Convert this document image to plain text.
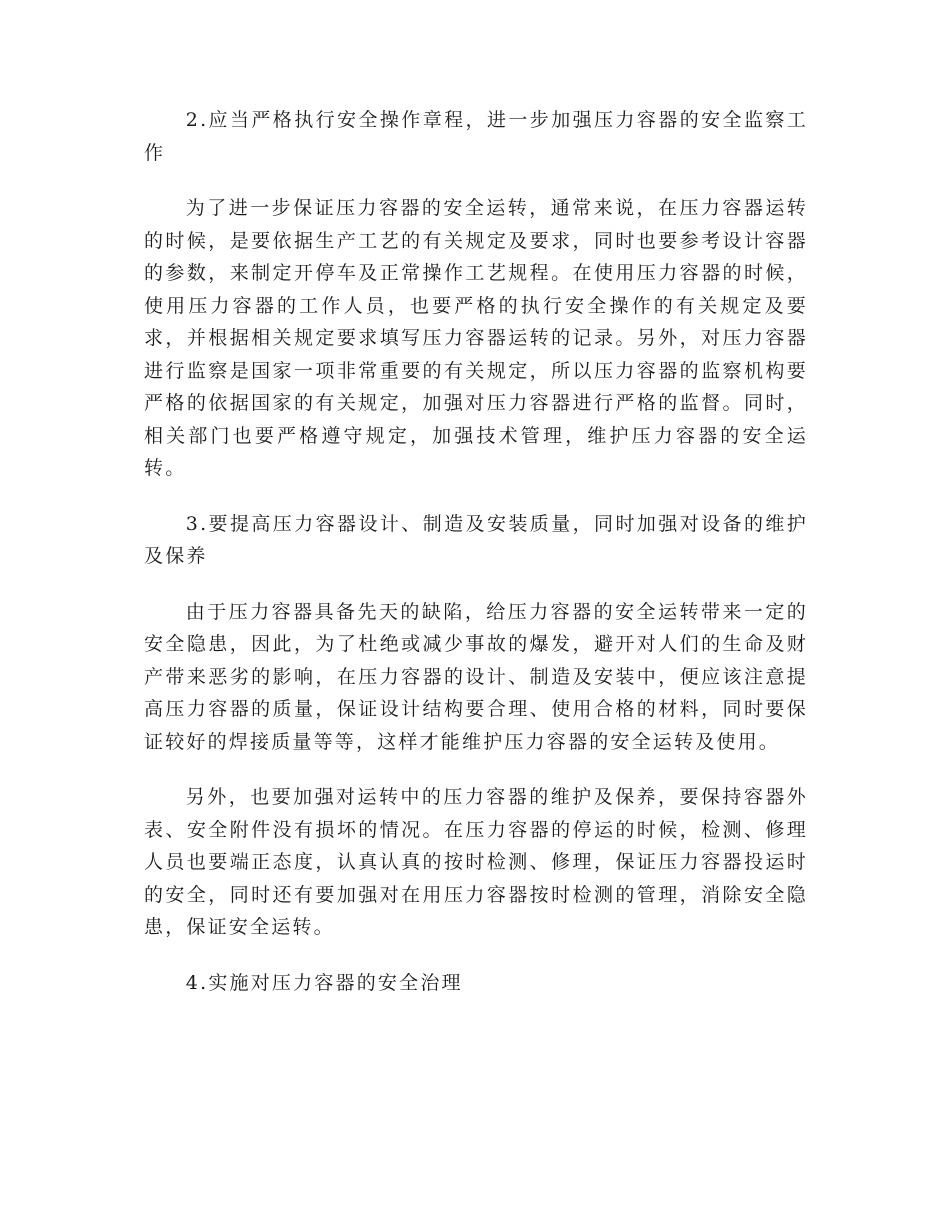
2.应当严格执行安全操作章程，进一步加强压力容器的安全监察工作

为了进一步保证压力容器的安全运转，通常来说，在压力容器运转的时候，是要依据生产工艺的有关规定及要求，同时也要参考设计容器的参数，来制定开停车及正常操作工艺规程。在使用压力容器的时候，使用压力容器的工作人员，也要严格的执行安全操作的有关规定及要求，并根据相关规定要求填写压力容器运转的记录。另外，对压力容器进行监察是国家一项非常重要的有关规定，所以压力容器的监察机构要严格的依据国家的有关规定，加强对压力容器进行严格的监督。同时，相关部门也要严格遵守规定，加强技术管理，维护压力容器的安全运转。

3.要提高压力容器设计、制造及安装质量，同时加强对设备的维护及保养

由于压力容器具备先天的缺陷，给压力容器的安全运转带来一定的安全隐患，因此，为了杜绝或减少事故的爆发，避开对人们的生命及财产带来恶劣的影响，在压力容器的设计、制造及安装中，便应该注意提高压力容器的质量，保证设计结构要合理、使用合格的材料，同时要保证较好的焊接质量等等，这样才能维护压力容器的安全运转及使用。

另外，也要加强对运转中的压力容器的维护及保养，要保持容器外表、安全附件没有损坏的情况。在压力容器的停运的时候，检测、修理人员也要端正态度，认真认真的按时检测、修理，保证压力容器投运时的安全，同时还有要加强对在用压力容器按时检测的管理，消除安全隐患，保证安全运转。

4.实施对压力容器的安全治理
